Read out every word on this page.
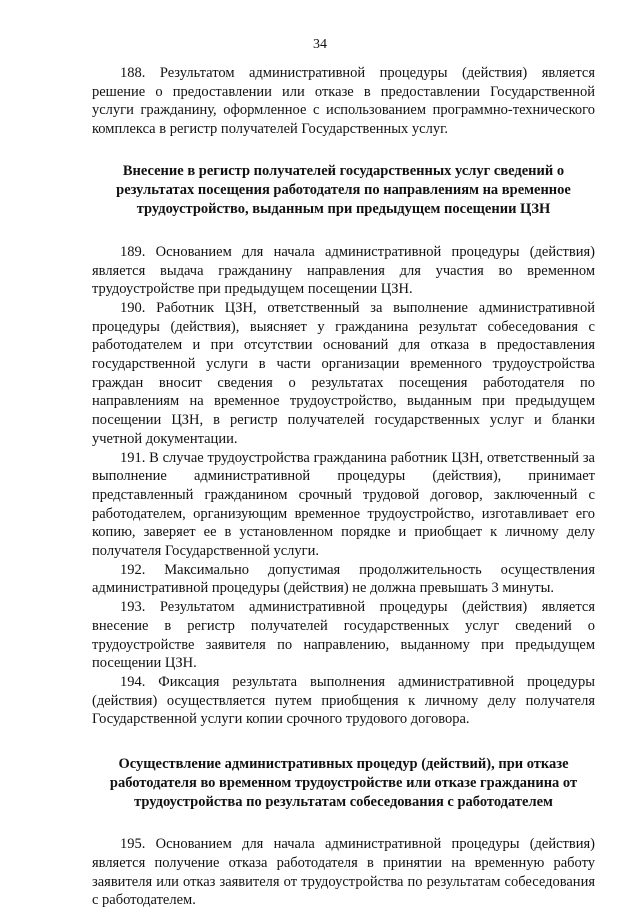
34

188. Результатом административной процедуры (действия) является решение о предоставлении или отказе в предоставлении Государственной услуги гражданину, оформленное с использованием программно-технического комплекса в регистр получателей Государственных услуг.

Внесение в регистр получателей государственных услуг сведений о результатах посещения работодателя по направлениям на временное трудоустройство, выданным при предыдущем посещении ЦЗН

189. Основанием для начала административной процедуры (действия) является выдача гражданину направления для участия во временном трудоустройстве при предыдущем посещении ЦЗН.

190. Работник ЦЗН, ответственный за выполнение административной процедуры (действия), выясняет у гражданина результат собеседования с работодателем и при отсутствии оснований для отказа в предоставления государственной услуги в части организации временного трудоустройства граждан вносит сведения о результатах посещения работодателя по направлениям на временное трудоустройство, выданным при предыдущем посещении ЦЗН, в регистр получателей государственных услуг и бланки учетной документации.

191. В случае трудоустройства гражданина работник ЦЗН, ответственный за выполнение административной процедуры (действия), принимает представленный гражданином срочный трудовой договор, заключенный с работодателем, организующим временное трудоустройство, изготавливает его копию, заверяет ее в установленном порядке и приобщает к личному делу получателя Государственной услуги.

192. Максимально допустимая продолжительность осуществления административной процедуры (действия) не должна превышать 3 минуты.

193. Результатом административной процедуры (действия) является внесение в регистр получателей государственных услуг сведений о трудоустройстве заявителя по направлению, выданному при предыдущем посещении ЦЗН.

194. Фиксация результата выполнения административной процедуры (действия) осуществляется путем приобщения к личному делу получателя Государственной услуги копии срочного трудового договора.

Осуществление административных процедур (действий), при отказе работодателя во временном трудоустройстве или отказе гражданина от трудоустройства по результатам собеседования с работодателем

195. Основанием для начала административной процедуры (действия) является получение отказа работодателя в принятии на временную работу заявителя или отказ заявителя от трудоустройства по результатам собеседования с работодателем.
